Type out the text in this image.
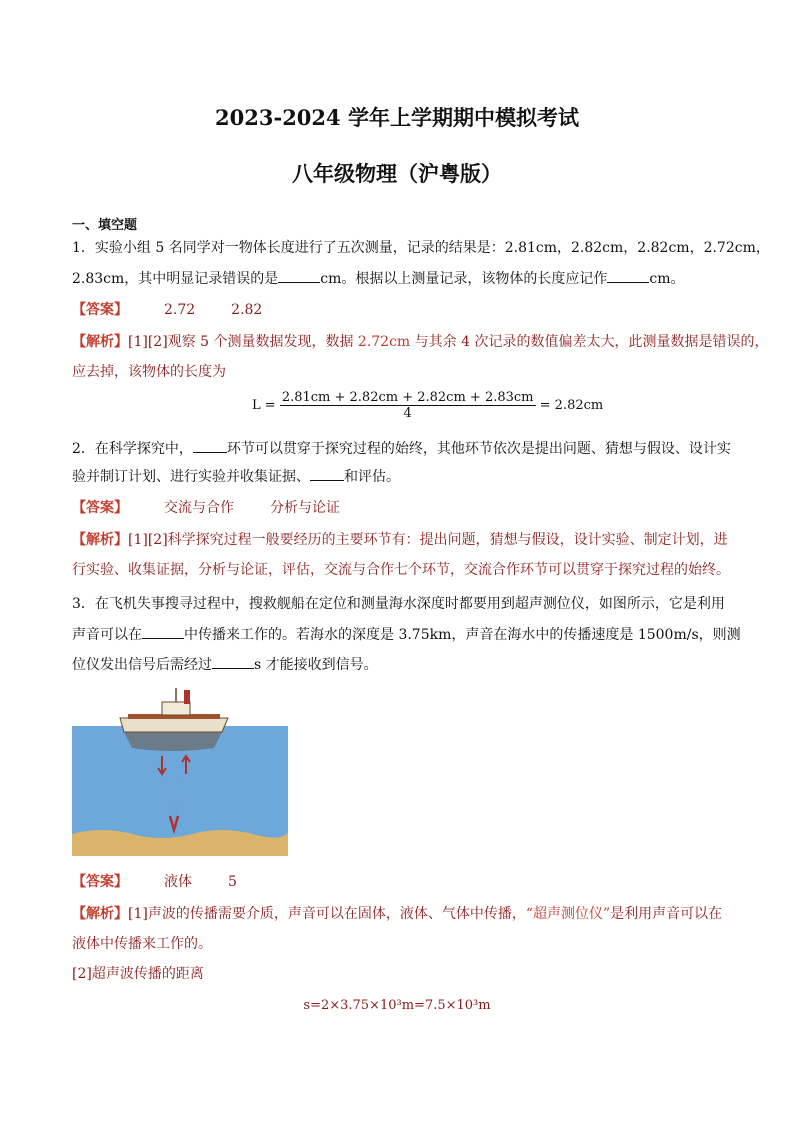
2023-2024 学年上学期期中模拟考试
八年级物理（沪粤版）
一、填空题
1．实验小组 5 名同学对一物体长度进行了五次测量，记录的结果是：2.81cm，2.82cm，2.82cm，2.72cm，
2.83cm，其中明显记录错误的是	cm。根据以上测量记录，该物体的长度应记作	cm。
【答案】	2.72	2.82
【解析】[1][2]观察 5 个测量数据发现，数据 2.72cm 与其余 4 次记录的数值偏差太大，此测量数据是错误的，
应去掉，该物体的长度为
$L = \frac{2.81cm + 2.82cm + 2.82cm + 2.83cm}{4} = 2.82cm$
2．在科学探究中， 环节可以贯穿于探究过程的始终，其他环节依次是提出问题、猜想与假设、设计实
验并制订计划、进行实验并收集证据、 和评估。
【答案】	交流与合作	分析与论证
【解析】[1][2]科学探究过程一般要经历的主要环节有：提出问题，猜想与假设，设计实验、制定计划，进
行实验、收集证据，分析与论证，评估，交流与合作七个环节，交流合作环节可以贯穿于探究过程的始终。
3．在飞机失事搜寻过程中，搜救舰船在定位和测量海水深度时都要用到超声测位仪，如图所示，它是利用
声音可以在	中传播来工作的。若海水的深度是 3.75km，声音在海水中的传播速度是 1500m/s，则测
位仪发出信号后需经过	s 才能接收到信号。
【答案】	液体	5
【解析】[1]声波的传播需要介质，声音可以在固体，液体、气体中传播，“超声测位仪”是利用声音可以在
液体中传播来工作的。
[2]超声波传播的距离
s=2×3.75×10³m=7.5×10³m
